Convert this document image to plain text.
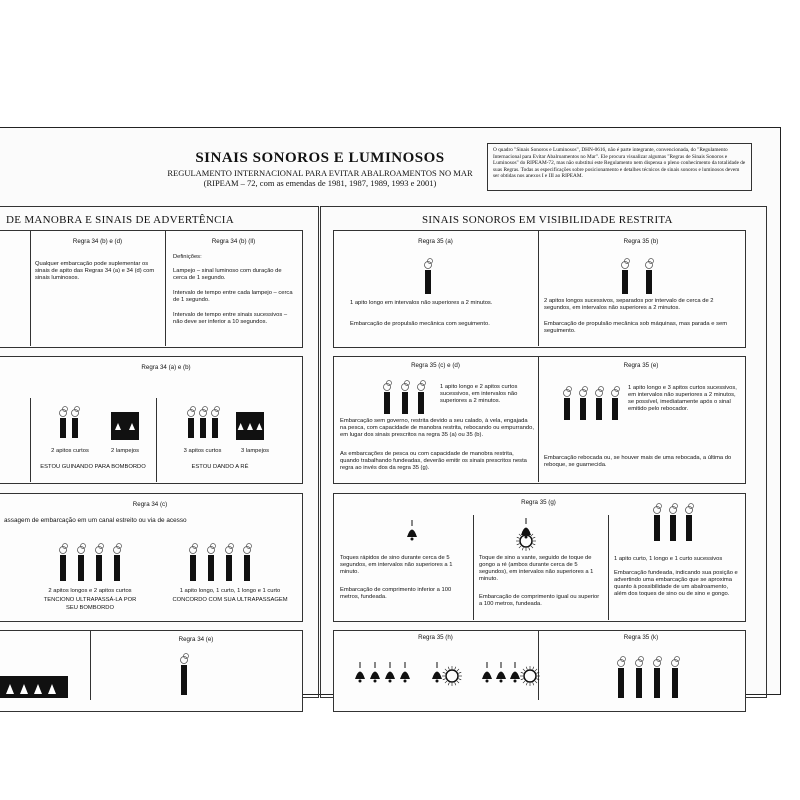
SINAIS SONOROS E LUMINOSOS
REGULAMENTO INTERNACIONAL PARA EVITAR ABALROAMENTOS NO MAR
(RIPEAM – 72, com as emendas de 1981, 1987, 1989, 1993 e 2001)
O quadro "Sinais Sonoros e Luminosos", DHN-0616, não é parte integrante, convencionada, do "Regulamento Internacional para Evitar Abalroamentos no Mar". Ele procura visualizar algumas "Regras de Sinais Sonoros e Luminosos" do RIPEAM-72, mas não substitui este Regulamento nem dispensa o pleno conhecimento da totalidade de suas Regras. Todas as especificações sobre posicionamento e detalhes técnicos de sinais sonoros e luminosos devem ser obtidas nos anexos I e III ao RIPEAM.
DE MANOBRA E SINAIS DE ADVERTÊNCIA	SINAIS SONOROS EM VISIBILIDADE RESTRITA
Regra 34 (b) e (d)
Qualquer embarcação pode suplementar os sinais de apito das Regras 34 (a) e 34 (d) com sinais luminosos.
Regra 34 (b) (ll)
Definições:
Lampejo – sinal luminoso com duração de cerca de 1 segundo.
Intervalo de tempo entre cada lampejo – cerca de 1 segundo.
Intervalo de tempo entre sinais sucessivos – não deve ser inferior a 10 segundos.
Regra 34 (a) e (b)
2 apitos curtos	2 lampejos
ESTOU GUINANDO PARA BOMBORDO
3 apitos curtos	3 lampejos
ESTOU DANDO A RÉ
Regra 34 (c)
assagem de embarcação em um canal estreito ou via de acesso
2 apitos longos e 2 apitos curtos
TENCIONO ULTRAPASSÁ-LA POR
SEU BOMBORDO
1 apito longo, 1 curto, 1 longo e 1 curto
CONCORDO COM SUA ULTRAPASSAGEM
Regra 34 (e)
Regra 35 (a)
1 apito longo em intervalos não superiores a 2 minutos.
Embarcação de propulsão mecânica com seguimento.
Regra 35 (b)
2 apitos longos sucessivos, separados por intervalo de cerca de 2 segundos, em intervalos não superiores a 2 minutos.
Embarcação de propulsão mecânica sob máquinas, mas parada e sem seguimento.
Regra 35 (c) e (d)
1 apito longo e 2 apitos curtos sucessivos, em intervalos não superiores a 2 minutos.
Embarcação sem governo, restrita devido a seu calado, à vela, engajada na pesca, com capacidade de manobra restrita, rebocando ou empurrando, em lugar dos sinais prescritos na regra 35 (a) ou 35 (b).
As embarcações de pesca ou com capacidade de manobra restrita, quando trabalhando fundeadas, deverão emitir os sinais prescritos nesta regra ao invés dos da regra 35 (g).
Regra 35 (e)
1 apito longo e 3 apitos curtos sucessivos, em intervalos não superiores a 2 minutos, se possível, imediatamente após o sinal emitido pelo rebocador.
Embarcação rebocada ou, se houver mais de uma rebocada, a última do reboque, se guarnecida.
Regra 35 (g)
Toques rápidos de sino durante cerca de 5 segundos, em intervalos não superiores a 1 minuto.
Embarcação de comprimento inferior a 100 metros, fundeada.
Toque de sino a vante, seguido de toque de gongo a ré (ambos durante cerca de 5 segundos), em intervalos não superiores a 1 minuto.
Embarcação de comprimento igual ou superior a 100 metros, fundeada.
1 apito curto, 1 longo e 1 curto sucessivos
Embarcação fundeada, indicando sua posição e advertindo uma embarcação que se aproxima quanto à possibilidade de um abalroamento, além dos toques de sino ou de sino e gongo.
Regra 35 (h)	Regra 35 (k)
